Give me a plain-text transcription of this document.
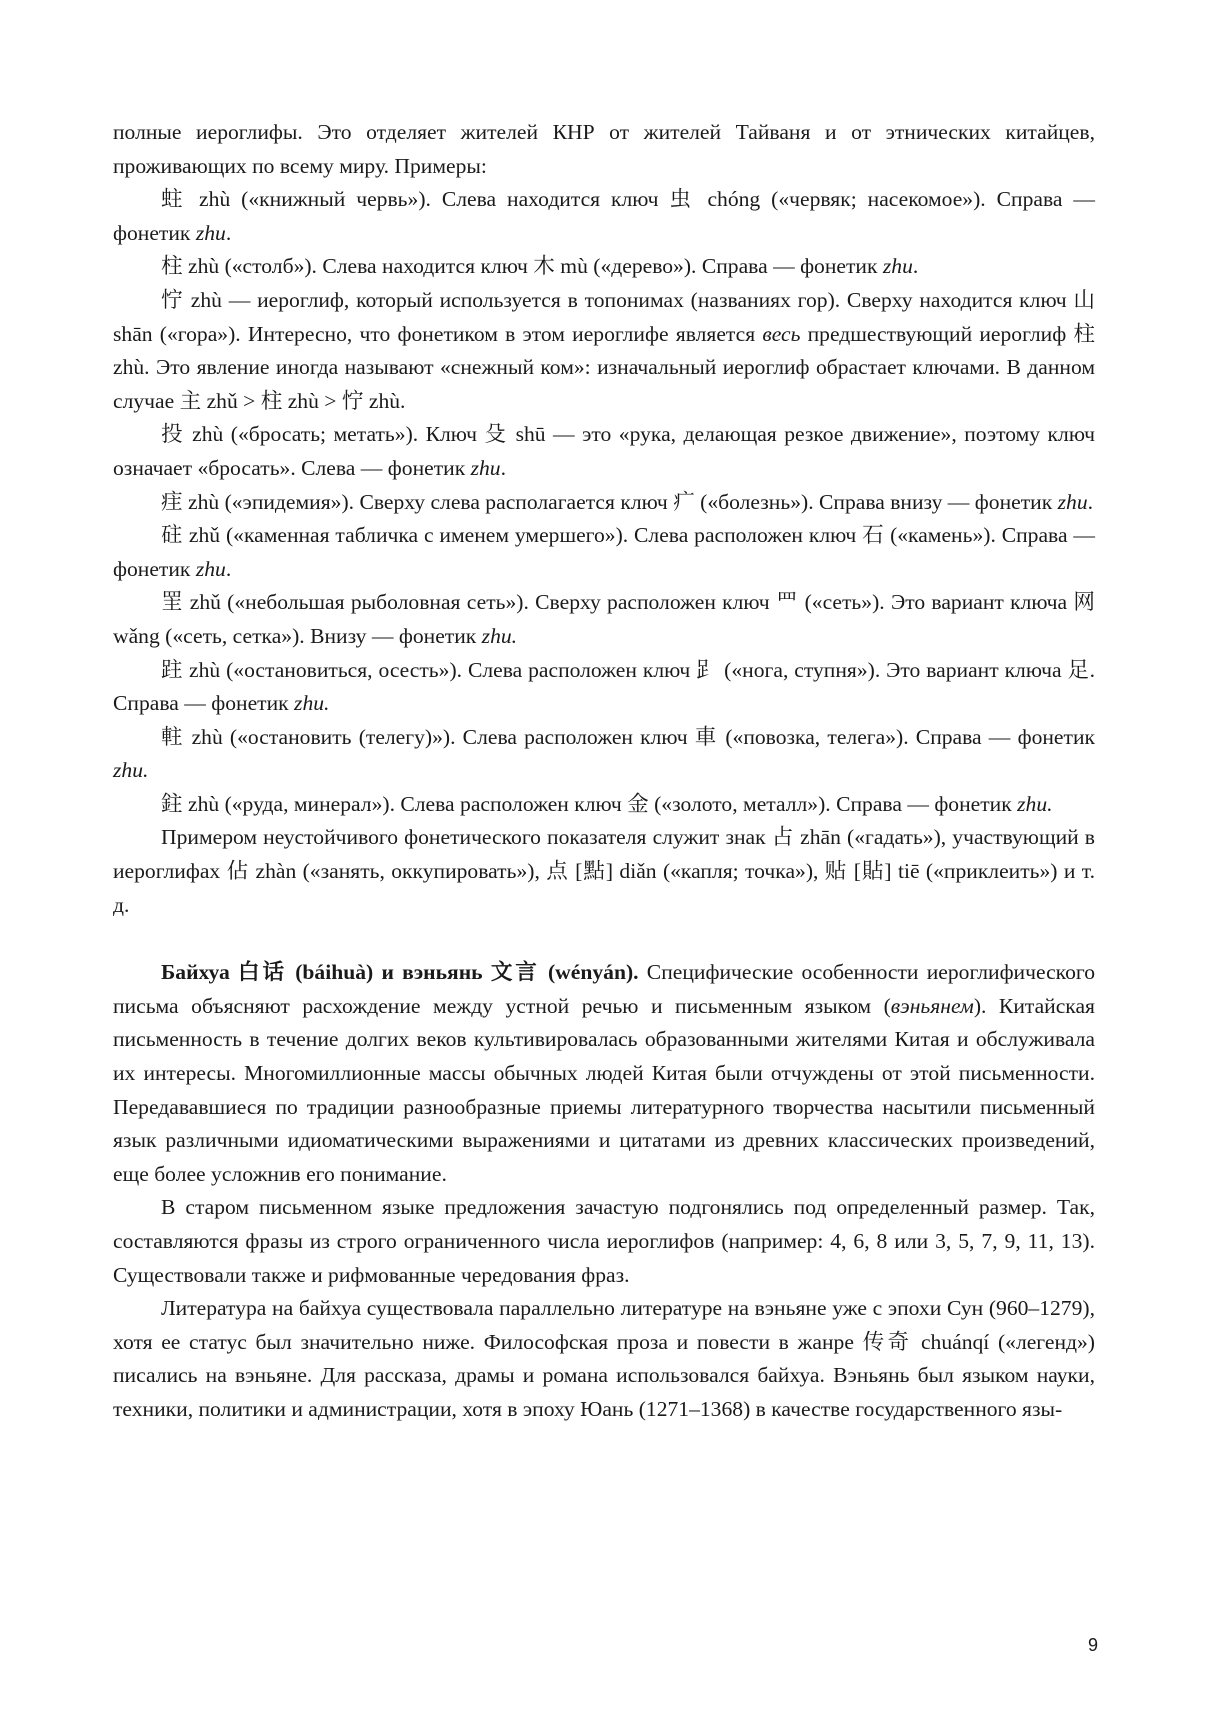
полные иероглифы. Это отделяет жителей КНР от жителей Тайваня и от этнических китайцев, проживающих по всему миру. Примеры:

蛀 zhù («книжный червь»). Слева находится ключ 虫 chóng («червяк; насекомое»). Справа — фонетик zhu.

柱 zhù («столб»). Слева находится ключ 木 mù («дерево»). Справа — фонетик zhu.

㤖 zhù — иероглиф, который используется в топонимах (названиях гор). Сверху находится ключ 山 shān («гора»). Интересно, что фонетиком в этом иероглифе является весь предшествующий иероглиф 柱 zhù. Это явление иногда называют «снежный ком»: изначальный иероглиф обрастает ключами. В данном случае 主 zhǔ > 柱 zhù > 㤖 zhù.

投 zhù («бросать; метать»). Ключ 殳 shū — это «рука, делающая резкое движение», поэтому ключ означает «бросать». Слева — фонетик zhu.

疰 zhù («эпидемия»). Сверху слева располагается ключ 疒 («болезнь»). Справа внизу — фонетик zhu.

砫 zhǔ («каменная табличка с именем умершего»). Слева расположен ключ 石 («камень»). Справа — фонетик zhu.

罜 zhǔ («небольшая рыболовная сеть»). Сверху расположен ключ 罒 («сеть»). Это вариант ключа 网 wǎng («сеть, сетка»). Внизу — фонетик zhu.

跓 zhù («остановиться, осесть»). Слева расположен ключ 𧾷 («нога, ступня»). Это вариант ключа 足. Справа — фонетик zhu.

軴 zhù («остановить (телегу)»). Слева расположен ключ 車 («повозка, телега»). Справа — фонетик zhu.

鉒 zhù («руда, минерал»). Слева расположен ключ 金 («золото, металл»). Справа — фонетик zhu.

Примером неустойчивого фонетического показателя служит знак 占 zhān («гадать»), участвующий в иероглифах 佔 zhàn («занять, оккупировать»), 点 [點] diǎn («капля; точка»), 贴 [貼] tiē («приклеить») и т. д.

Байхуа 白话 (báihuà) и вэньянь 文言 (wényán). Специфические особенности иероглифического письма объясняют расхождение между устной речью и письменным языком (вэньянем). Китайская письменность в течение долгих веков культивировалась образованными жителями Китая и обслуживала их интересы. Многомиллионные массы обычных людей Китая были отчуждены от этой письменности. Передававшиеся по традиции разнообразные приемы литературного творчества насытили письменный язык различными идиоматическими выражениями и цитатами из древних классических произведений, еще более усложнив его понимание.

В старом письменном языке предложения зачастую подгонялись под определенный размер. Так, составляются фразы из строго ограниченного числа иероглифов (например: 4, 6, 8 или 3, 5, 7, 9, 11, 13). Существовали также и рифмованные чередования фраз.

Литература на байхуа существовала параллельно литературе на вэньяне уже с эпохи Сун (960–1279), хотя ее статус был значительно ниже. Философская проза и повести в жанре 传奇 chuánqí («легенд») писались на вэньяне. Для рассказа, драмы и романа использовался байхуа. Вэньянь был языком науки, техники, политики и администрации, хотя в эпоху Юань (1271–1368) в качестве государственного язы-

9
